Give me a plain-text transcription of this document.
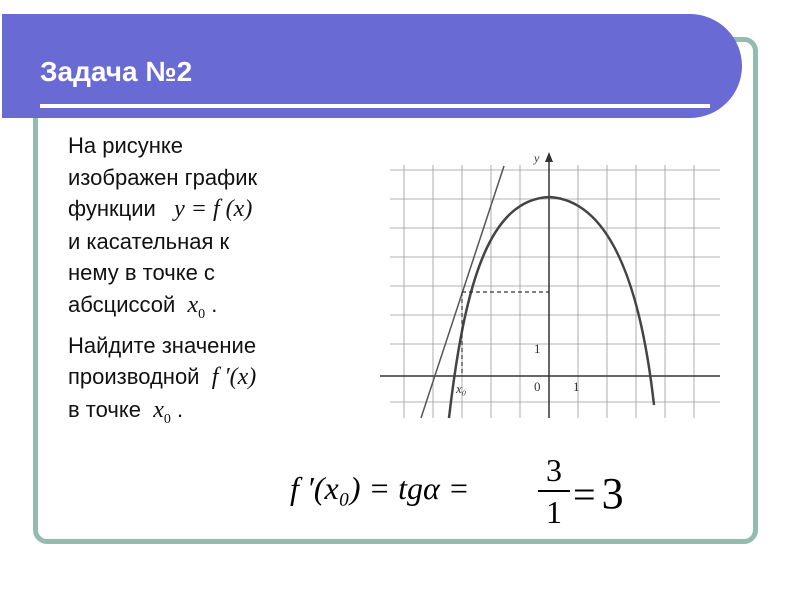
Задача №2
На рисунке
изображен график
функции y = f (x)
и касательная к
нему в точке с
абсциссой $x_0$ .
Найдите значение
производной f ′(x)
в точке $x_0$ .
y
0	1
1
x₀
f ′(x₀) = tgα =	3
1 = 3
